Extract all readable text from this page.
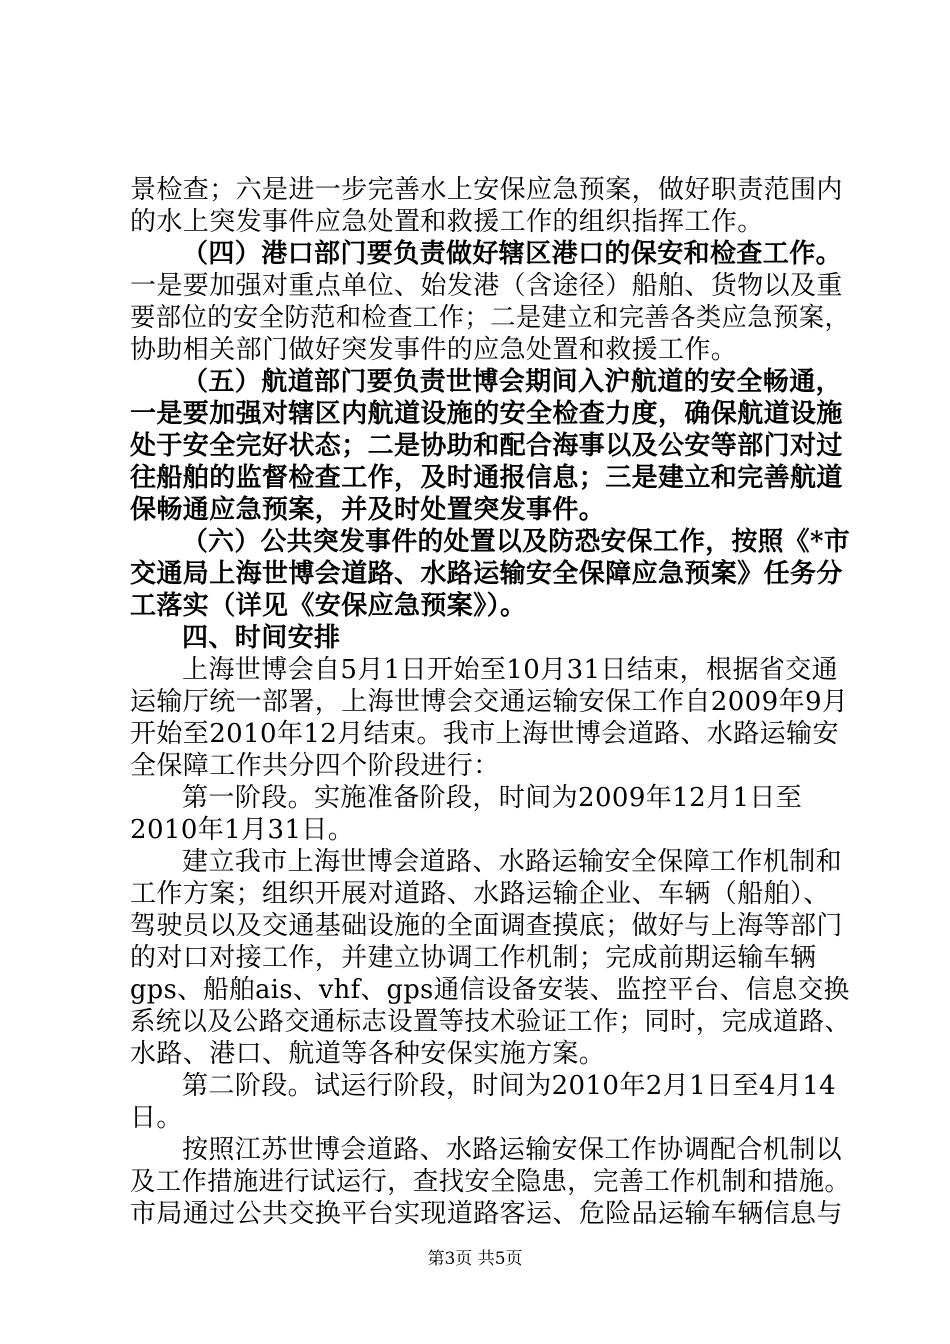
景检查；六是进一步完善水上安保应急预案，做好职责范围内
的水上突发事件应急处置和救援工作的组织指挥工作。
（四）港口部门要负责做好辖区港口的保安和检查工作。
一是要加强对重点单位、始发港（含途径）船舶、货物以及重
要部位的安全防范和检查工作；二是建立和完善各类应急预案，
协助相关部门做好突发事件的应急处置和救援工作。
（五）航道部门要负责世博会期间入沪航道的安全畅通，
一是要加强对辖区内航道设施的安全检查力度，确保航道设施
处于安全完好状态；二是协助和配合海事以及公安等部门对过
往船舶的监督检查工作，及时通报信息；三是建立和完善航道
保畅通应急预案，并及时处置突发事件。
（六）公共突发事件的处置以及防恐安保工作，按照《*市
交通局上海世博会道路、水路运输安全保障应急预案》任务分
工落实（详见《安保应急预案》）。
四、时间安排
上海世博会自5月1日开始至10月31日结束，根据省交通
运输厅统一部署，上海世博会交通运输安保工作自2009年9月
开始至2010年12月结束。我市上海世博会道路、水路运输安
全保障工作共分四个阶段进行：
第一阶段。实施准备阶段，时间为2009年12月1日至
2010年1月31日。
建立我市上海世博会道路、水路运输安全保障工作机制和
工作方案；组织开展对道路、水路运输企业、车辆（船舶）、
驾驶员以及交通基础设施的全面调查摸底；做好与上海等部门
的对口对接工作，并建立协调工作机制；完成前期运输车辆
gps、船舶ais、vhf、gps通信设备安装、监控平台、信息交换
系统以及公路交通标志设置等技术验证工作；同时，完成道路、
水路、港口、航道等各种安保实施方案。
第二阶段。试运行阶段，时间为2010年2月1日至4月14
日。
按照江苏世博会道路、水路运输安保工作协调配合机制以
及工作措施进行试运行，查找安全隐患，完善工作机制和措施。
市局通过公共交换平台实现道路客运、危险品运输车辆信息与
第3页 共5页
